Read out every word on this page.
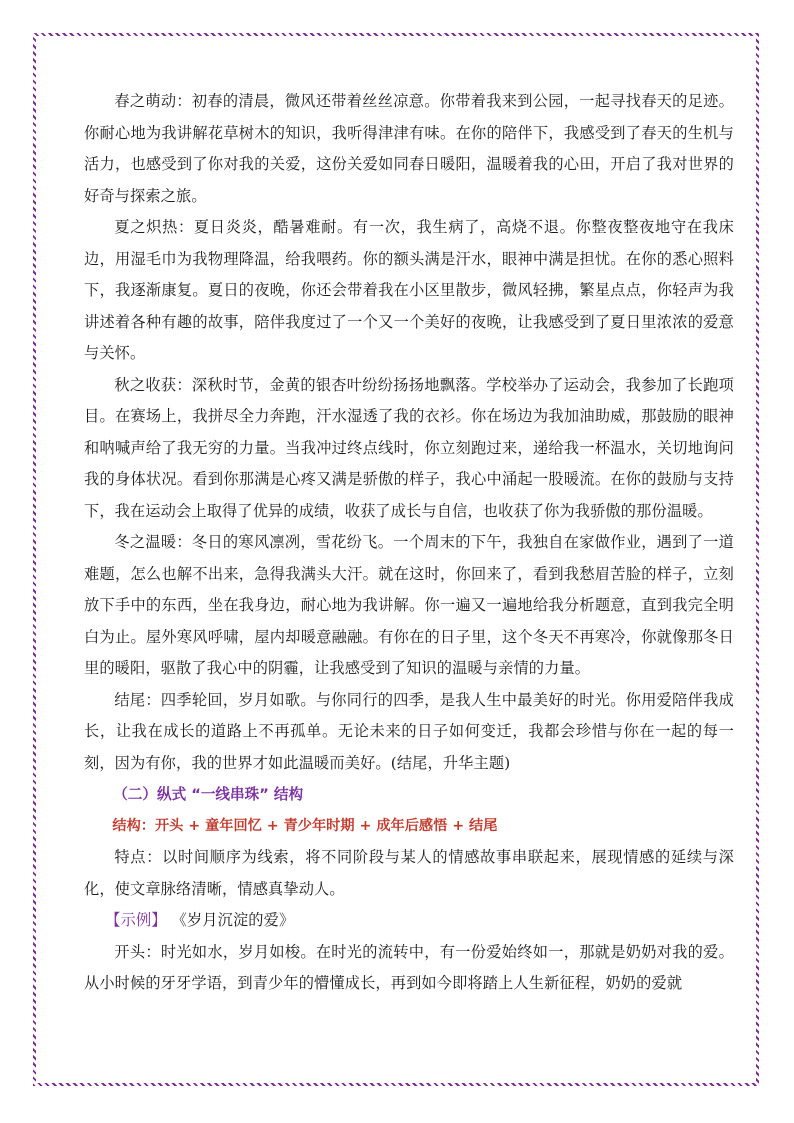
春之萌动：初春的清晨，微风还带着丝丝凉意。你带着我来到公园，一起寻找春天的足迹。你耐心地为我讲解花草树木的知识，我听得津津有味。在你的陪伴下，我感受到了春天的生机与活力，也感受到了你对我的关爱，这份关爱如同春日暖阳，温暖着我的心田，开启了我对世界的好奇与探索之旅。

夏之炽热：夏日炎炎，酷暑难耐。有一次，我生病了，高烧不退。你整夜整夜地守在我床边，用湿毛巾为我物理降温，给我喂药。你的额头满是汗水，眼神中满是担忧。在你的悉心照料下，我逐渐康复。夏日的夜晚，你还会带着我在小区里散步，微风轻拂，繁星点点，你轻声为我讲述着各种有趣的故事，陪伴我度过了一个又一个美好的夜晚，让我感受到了夏日里浓浓的爱意与关怀。

秋之收获：深秋时节，金黄的银杏叶纷纷扬扬地飘落。学校举办了运动会，我参加了长跑项目。在赛场上，我拼尽全力奔跑，汗水湿透了我的衣衫。你在场边为我加油助威，那鼓励的眼神和呐喊声给了我无穷的力量。当我冲过终点线时，你立刻跑过来，递给我一杯温水，关切地询问我的身体状况。看到你那满是心疼又满是骄傲的样子，我心中涌起一股暖流。在你的鼓励与支持下，我在运动会上取得了优异的成绩，收获了成长与自信，也收获了你为我骄傲的那份温暖。

冬之温暖：冬日的寒风凛冽，雪花纷飞。一个周末的下午，我独自在家做作业，遇到了一道难题，怎么也解不出来，急得我满头大汗。就在这时，你回来了，看到我愁眉苦脸的样子，立刻放下手中的东西，坐在我身边，耐心地为我讲解。你一遍又一遍地给我分析题意，直到我完全明白为止。屋外寒风呼啸，屋内却暖意融融。有你在的日子里，这个冬天不再寒冷，你就像那冬日里的暖阳，驱散了我心中的阴霾，让我感受到了知识的温暖与亲情的力量。

结尾：四季轮回，岁月如歌。与你同行的四季，是我人生中最美好的时光。你用爱陪伴我成长，让我在成长的道路上不再孤单。无论未来的日子如何变迁，我都会珍惜与你在一起的每一刻，因为有你，我的世界才如此温暖而美好。(结尾，升华主题)

（二）纵式 “一线串珠” 结构
结构：开头 + 童年回忆 + 青少年时期 + 成年后感悟 + 结尾

特点：以时间顺序为线索，将不同阶段与某人的情感故事串联起来，展现情感的延续与深化，使文章脉络清晰，情感真挚动人。

【示例】 《岁月沉淀的爱》

开头：时光如水，岁月如梭。在时光的流转中，有一份爱始终如一，那就是奶奶对我的爱。从小时候的牙牙学语，到青少年的懵懂成长，再到如今即将踏上人生新征程，奶奶的爱就
